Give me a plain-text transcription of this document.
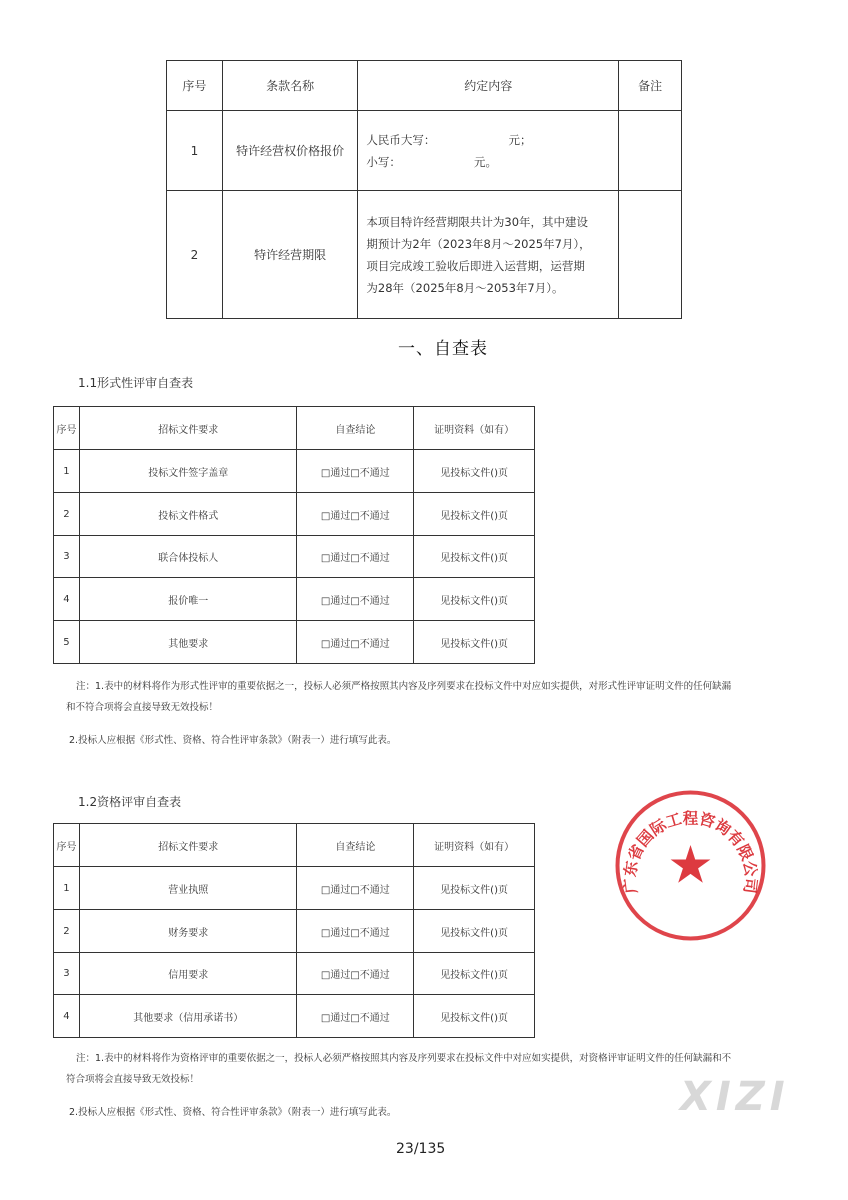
序号	条款名称	约定内容	备注
1	特许经营权价格报价	人民币大写：                    元；
小写：                    元。	

2	特许经营期限	本项目特许经营期限共计为30年，其中建设
期预计为2年（2023年8月～2025年7月），
项目完成竣工验收后即进入运营期，运营期
为28年（2025年8月～2053年7月）。	

一、自查表
1.1形式性评审自查表
序号	招标文件要求	自查结论	证明资料（如有）
1	投标文件签字盖章	□通过□不通过	见投标文件()页
2	投标文件格式	□通过□不通过	见投标文件()页
3	联合体投标人	□通过□不通过	见投标文件()页
4	报价唯一	□通过□不通过	见投标文件()页
5	其他要求	□通过□不通过	见投标文件()页
注：1.表中的材料将作为形式性评审的重要依据之一，投标人必须严格按照其内容及序列要求在投标文件中对应如实提供，对形式性评审证明文件的任何缺漏
和不符合项将会直接导致无效投标！
2.投标人应根据《形式性、资格、符合性评审条款》（附表一）进行填写此表。
1.2资格评审自查表
序号	招标文件要求	自查结论	证明资料（如有）
1	营业执照	□通过□不通过	见投标文件()页
2	财务要求	□通过□不通过	见投标文件()页
3	信用要求	□通过□不通过	见投标文件()页
4	其他要求（信用承诺书）	□通过□不通过	见投标文件()页
广东省国际工程咨询有限公司
注：1.表中的材料将作为资格评审的重要依据之一，投标人必须严格按照其内容及序列要求在投标文件中对应如实提供，对资格评审证明文件的任何缺漏和不
符合项将会直接导致无效投标！
2.投标人应根据《形式性、资格、符合性评审条款》（附表一）进行填写此表。	XIZI
23/135
